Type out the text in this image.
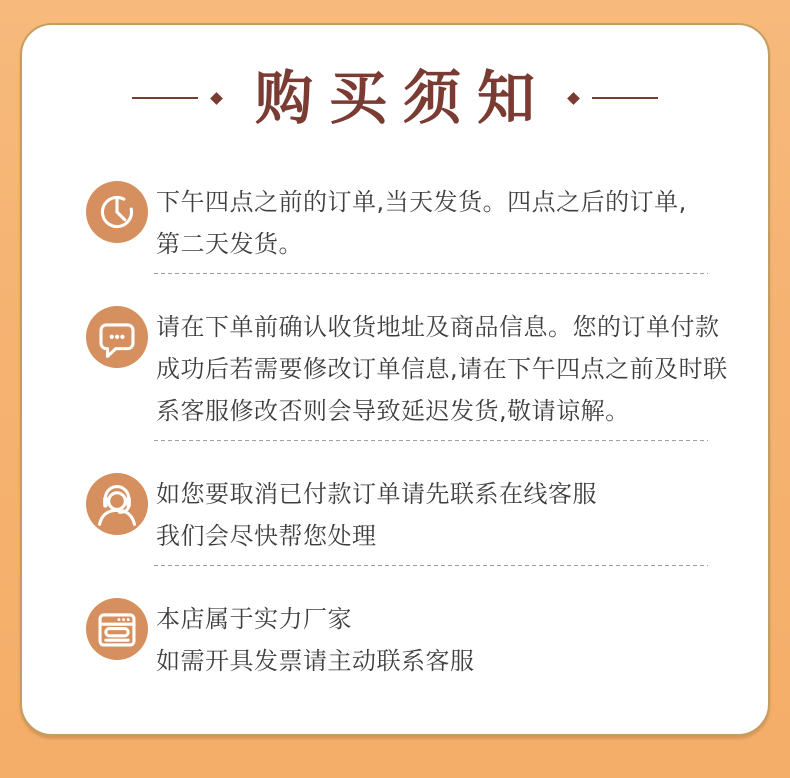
购买须知
下午四点之前的订单,当天发货。四点之后的订单,
第二天发货。
请在下单前确认收货地址及商品信息。您的订单付款
成功后若需要修改订单信息,请在下午四点之前及时联
系客服修改否则会导致延迟发货,敬请谅解。
如您要取消已付款订单请先联系在线客服
我们会尽快帮您处理
本店属于实力厂家
如需开具发票请主动联系客服
